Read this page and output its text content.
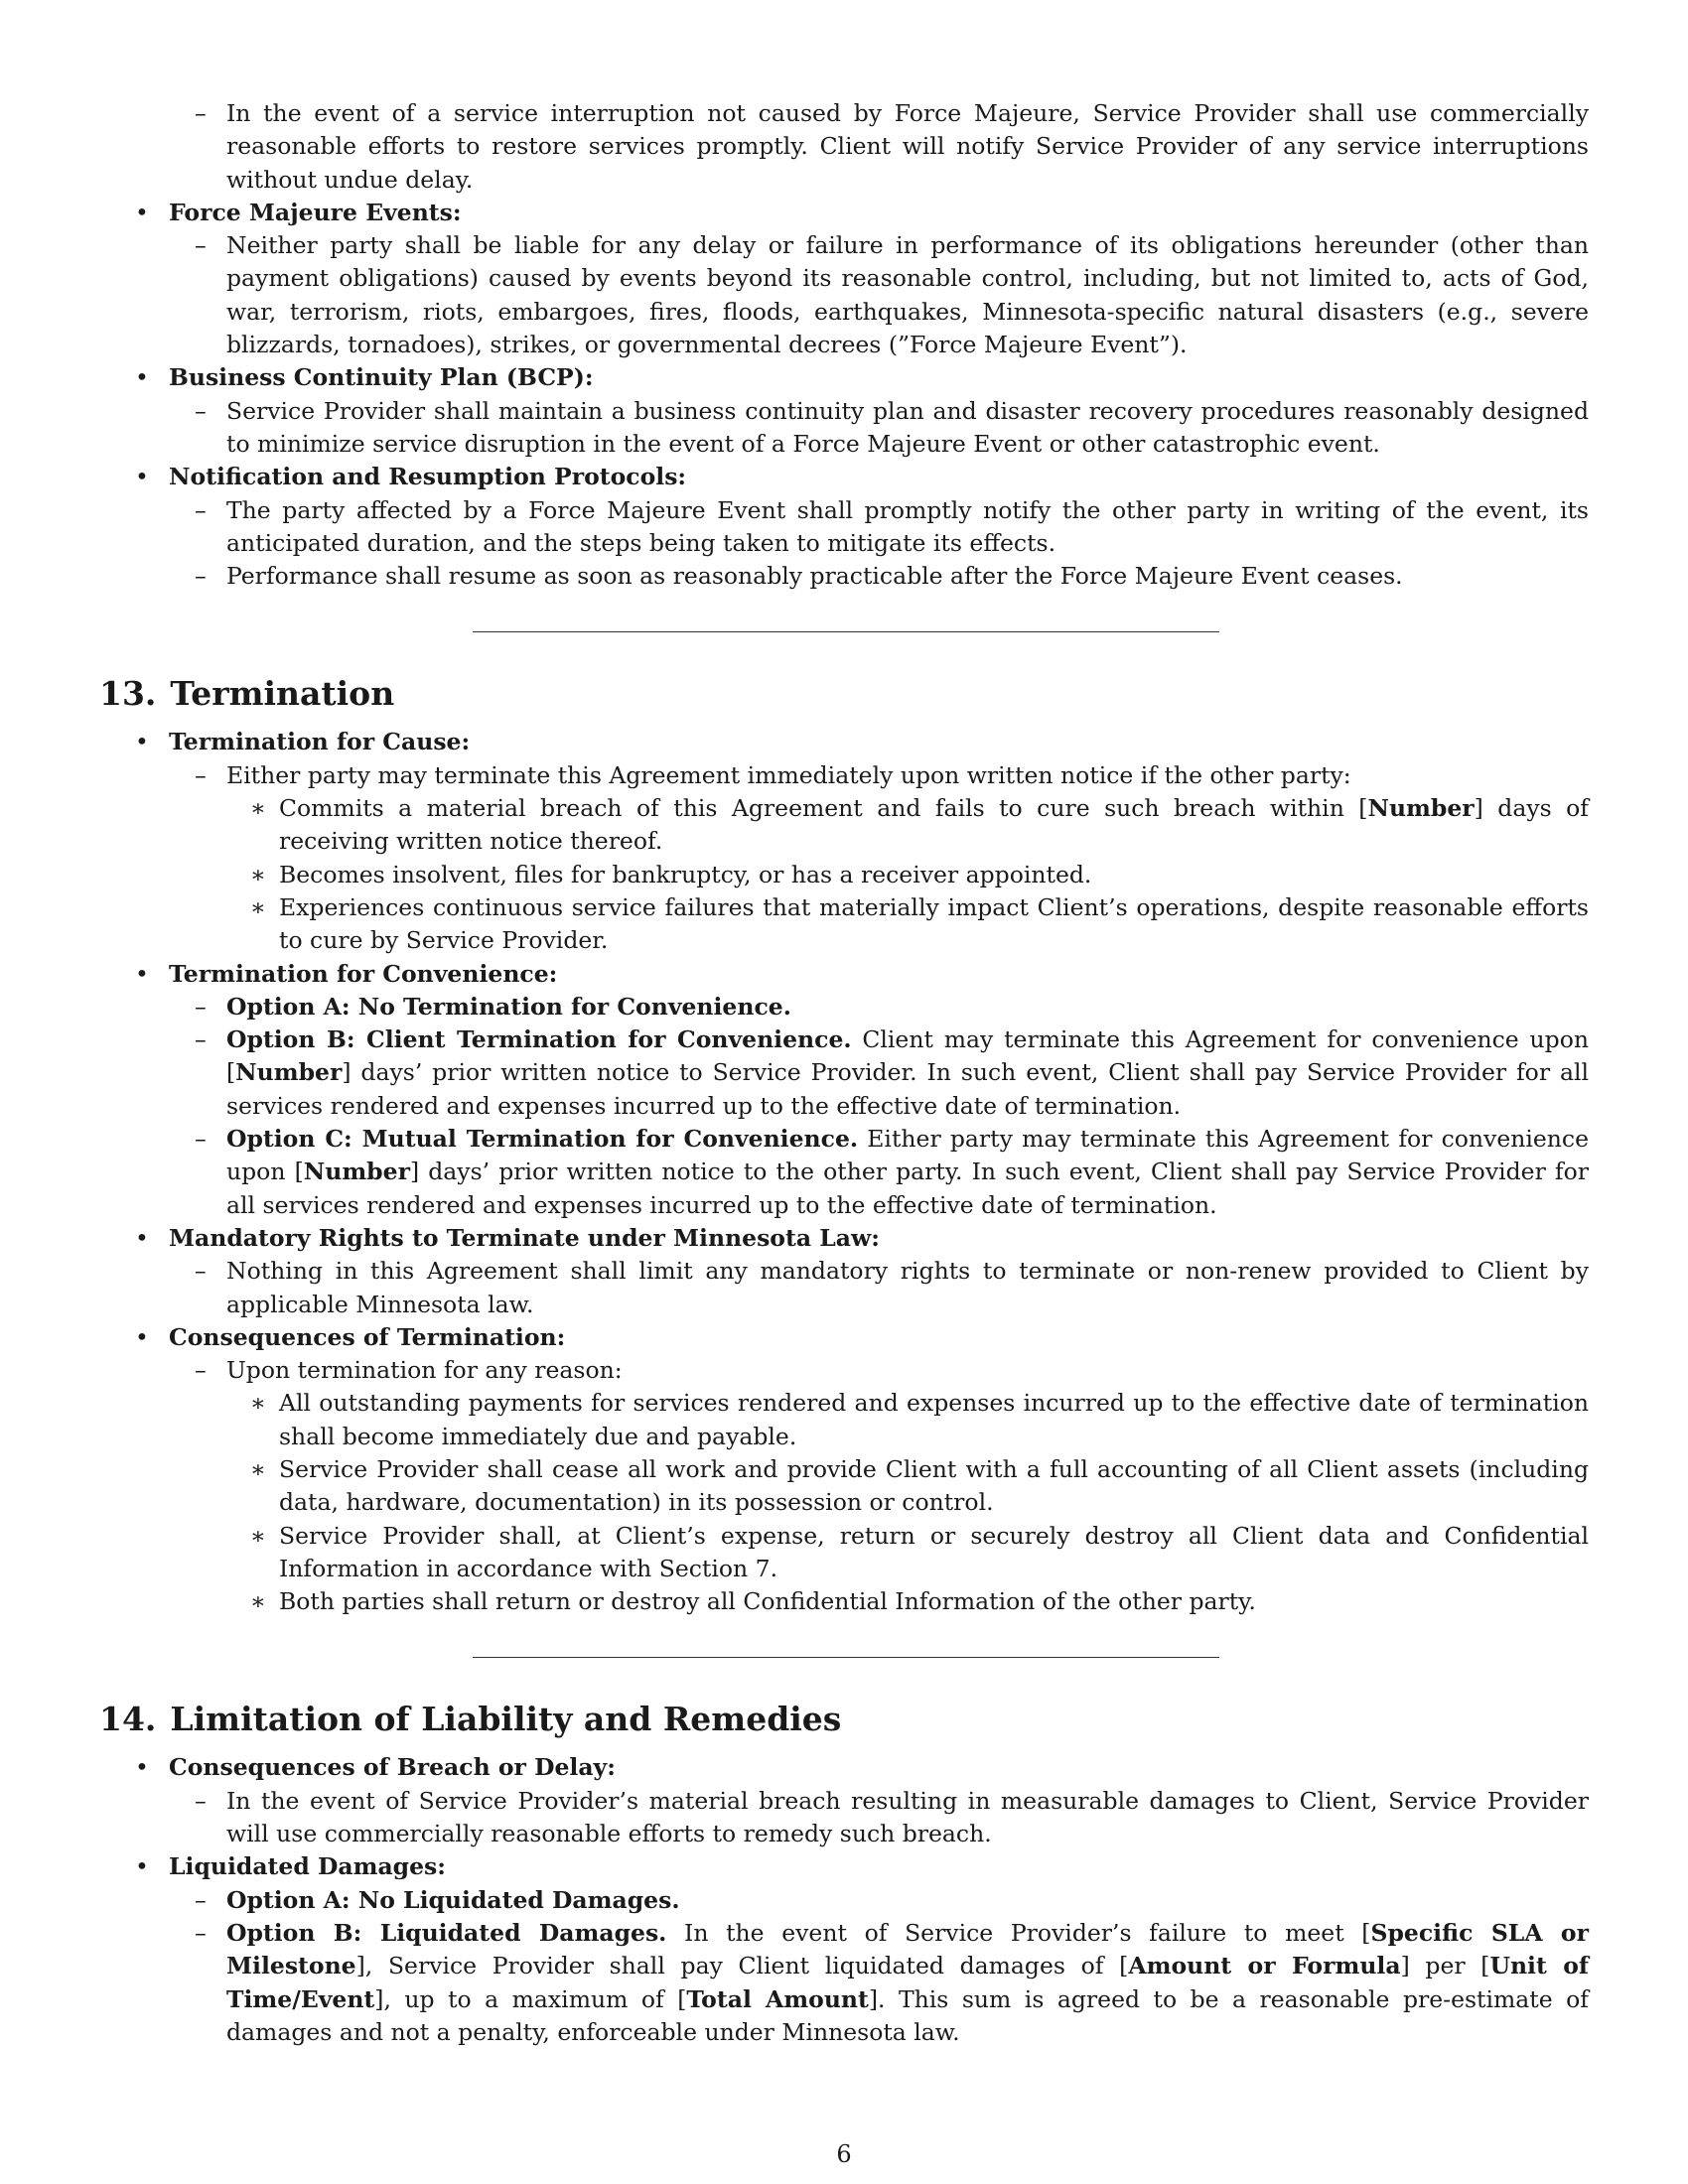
– In the event of a service interruption not caused by Force Majeure, Service Provider shall use commercially reasonable efforts to restore services promptly. Client will notify Service Provider of any service interruptions without undue delay.

• Force Majeure Events:

– Neither party shall be liable for any delay or failure in performance of its obligations hereunder (other than payment obligations) caused by events beyond its reasonable control, including, but not limited to, acts of God, war, terrorism, riots, embargoes, fires, floods, earthquakes, Minnesota-specific natural disasters (e.g., severe blizzards, tornadoes), strikes, or governmental decrees (”Force Majeure Event”).

• Business Continuity Plan (BCP):

– Service Provider shall maintain a business continuity plan and disaster recovery procedures reasonably designed to minimize service disruption in the event of a Force Majeure Event or other catastrophic event.

• Notification and Resumption Protocols:

– The party affected by a Force Majeure Event shall promptly notify the other party in writing of the event, its anticipated duration, and the steps being taken to mitigate its effects.

– Performance shall resume as soon as reasonably practicable after the Force Majeure Event ceases.

13. Termination

• Termination for Cause:

– Either party may terminate this Agreement immediately upon written notice if the other party:

∗ Commits a material breach of this Agreement and fails to cure such breach within [Number] days of receiving written notice thereof.

∗ Becomes insolvent, files for bankruptcy, or has a receiver appointed.

∗ Experiences continuous service failures that materially impact Client’s operations, despite reasonable efforts to cure by Service Provider.

• Termination for Convenience:

– Option A: No Termination for Convenience.

– Option B: Client Termination for Convenience. Client may terminate this Agreement for convenience upon [Number] days’ prior written notice to Service Provider. In such event, Client shall pay Service Provider for all services rendered and expenses incurred up to the effective date of termination.

– Option C: Mutual Termination for Convenience. Either party may terminate this Agreement for convenience upon [Number] days’ prior written notice to the other party. In such event, Client shall pay Service Provider for all services rendered and expenses incurred up to the effective date of termination.

• Mandatory Rights to Terminate under Minnesota Law:

– Nothing in this Agreement shall limit any mandatory rights to terminate or non-renew provided to Client by applicable Minnesota law.

• Consequences of Termination:

– Upon termination for any reason:

∗ All outstanding payments for services rendered and expenses incurred up to the effective date of termination shall become immediately due and payable.

∗ Service Provider shall cease all work and provide Client with a full accounting of all Client assets (including data, hardware, documentation) in its possession or control.

∗ Service Provider shall, at Client’s expense, return or securely destroy all Client data and Confidential Information in accordance with Section 7.

∗ Both parties shall return or destroy all Confidential Information of the other party.

14. Limitation of Liability and Remedies

• Consequences of Breach or Delay:

– In the event of Service Provider’s material breach resulting in measurable damages to Client, Service Provider will use commercially reasonable efforts to remedy such breach.

• Liquidated Damages:

– Option A: No Liquidated Damages.

– Option B: Liquidated Damages. In the event of Service Provider’s failure to meet [Specific SLA or Milestone], Service Provider shall pay Client liquidated damages of [Amount or Formula] per [Unit of Time/Event], up to a maximum of [Total Amount]. This sum is agreed to be a reasonable pre-estimate of damages and not a penalty, enforceable under Minnesota law.

6
